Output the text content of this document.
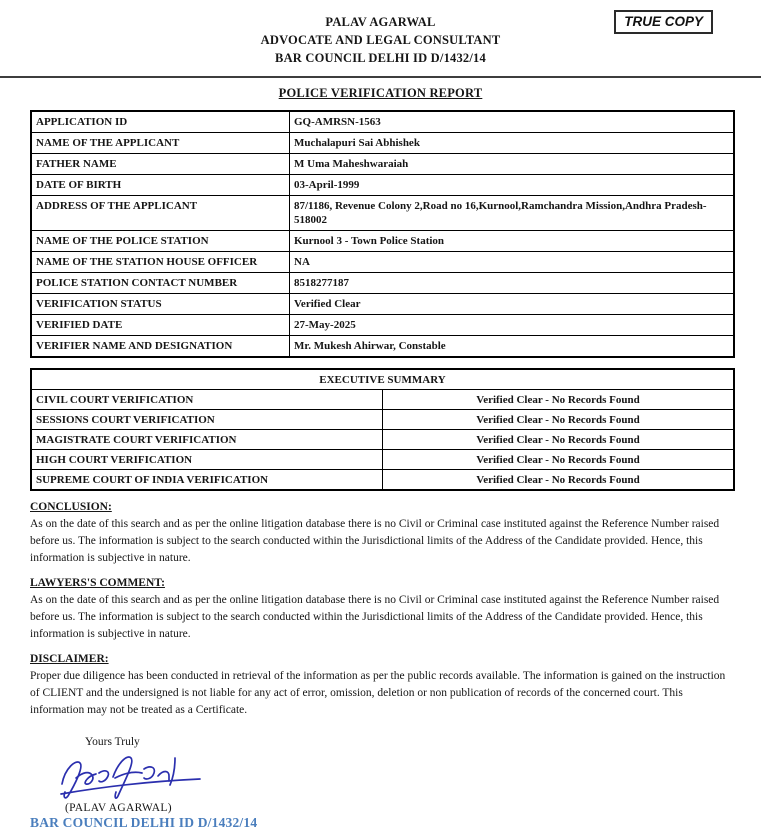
TRUE COPY
PALAV AGARWAL
ADVOCATE AND LEGAL CONSULTANT
BAR COUNCIL DELHI ID D/1432/14
POLICE VERIFICATION REPORT
APPLICATION ID	GQ-AMRSN-1563
NAME OF THE APPLICANT	Muchalapuri Sai Abhishek
FATHER NAME	M Uma Maheshwaraiah
DATE OF BIRTH	03-April-1999
ADDRESS OF THE APPLICANT	87/1186, Revenue Colony 2,Road no 16,Kurnool,Ramchandra Mission,Andhra Pradesh-518002
NAME OF THE POLICE STATION	Kurnool 3 - Town Police Station
NAME OF THE STATION HOUSE OFFICER	NA
POLICE STATION CONTACT NUMBER	8518277187
VERIFICATION STATUS	Verified Clear
VERIFIED DATE	27-May-2025
VERIFIER NAME AND DESIGNATION	Mr. Mukesh Ahirwar, Constable
EXECUTIVE SUMMARY	
CIVIL COURT VERIFICATION	Verified Clear - No Records Found
SESSIONS COURT VERIFICATION	Verified Clear - No Records Found
MAGISTRATE COURT VERIFICATION	Verified Clear - No Records Found
HIGH COURT VERIFICATION	Verified Clear - No Records Found
SUPREME COURT OF INDIA VERIFICATION	Verified Clear - No Records Found
CONCLUSION:

As on the date of this search and as per the online litigation database there is no Civil or Criminal case instituted against the Reference Number raised before us. The information is subject to the search conducted within the Jurisdictional limits of the Address of the Candidate provided. Hence, this information is subjective in nature.

LAWYERS'S COMMENT:

As on the date of this search and as per the online litigation database there is no Civil or Criminal case instituted against the Reference Number raised before us. The information is subject to the search conducted within the Jurisdictional limits of the Address of the Candidate provided. Hence, this information is subjective in nature.

DISCLAIMER:

Proper due diligence has been conducted in retrieval of the information as per the public records available. The information is gained on the instruction of CLIENT and the undersigned is not liable for any act of error, omission, deletion or non publication of records of the concerned court. This information may not be treated as a Certificate.

Yours Truly
(PALAV AGARWAL)
BAR COUNCIL DELHI ID D/1432/14
